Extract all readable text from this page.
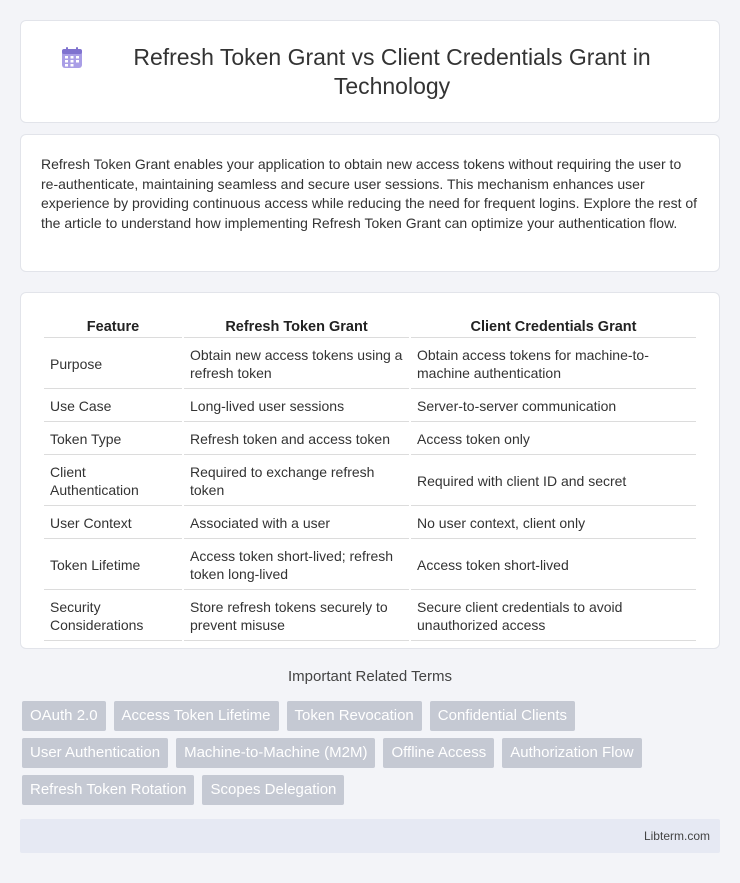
Refresh Token Grant vs Client Credentials Grant in Technology

Refresh Token Grant enables your application to obtain new access tokens without requiring the user to re-authenticate, maintaining seamless and secure user sessions. This mechanism enhances user experience by providing continuous access while reducing the need for frequent logins. Explore the rest of the article to understand how implementing Refresh Token Grant can optimize your authentication flow.

Feature	Refresh Token Grant	Client Credentials Grant
Purpose	Obtain new access tokens using a refresh token	Obtain access tokens for machine-to-machine authentication
Use Case	Long-lived user sessions	Server-to-server communication
Token Type	Refresh token and access token	Access token only
Client Authentication	Required to exchange refresh token	Required with client ID and secret
User Context	Associated with a user	No user context, client only
Token Lifetime	Access token short-lived; refresh token long-lived	Access token short-lived
Security Considerations	Store refresh tokens securely to prevent misuse	Secure client credentials to avoid unauthorized access
Important Related Terms
OAuth 2.0	Access Token Lifetime	Token Revocation	Confidential Clients
User Authentication	Machine-to-Machine (M2M)	Offline Access	Authorization Flow
Refresh Token Rotation	Scopes Delegation
Libterm.com
